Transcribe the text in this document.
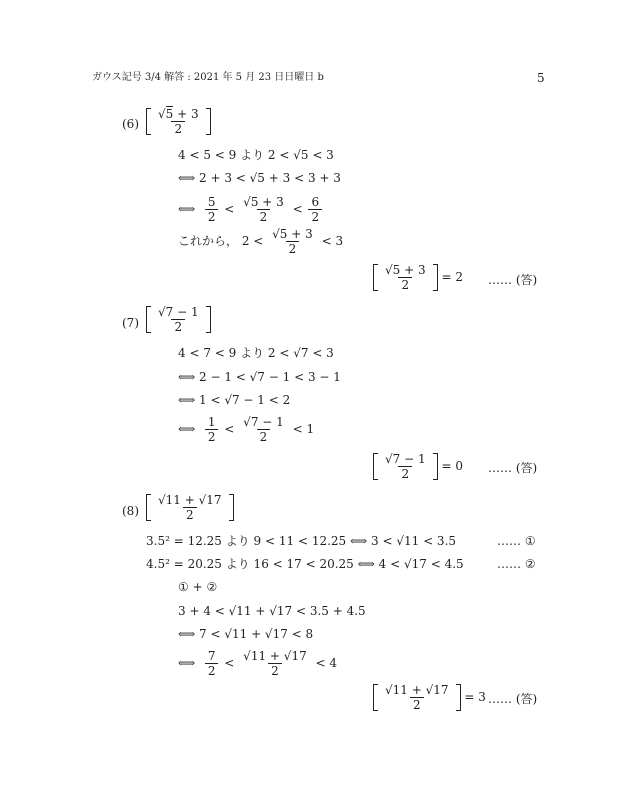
ガウス記号 3/4 解答 : 2021 年 5 月 23 日日曜日 b	5
$(6) \frac{√5 + 3}{2}$
4 < 5 < 9 より 2 < √5 < 3
⟺ 2 + 3 < √5 + 3 < 3 + 3
⟺ $\frac{5}{2} < \frac{√5 + 3}{2} < \frac{6}{2}$
これから， $2 < \frac{√5 + 3}{2} < 3$
$\frac{√5 + 3}{2} = 2$ …… (答)
$(7) \frac{√7 - 1}{2}$
4 < 7 < 9 より 2 < √7 < 3
⟺ 2 − 1 < √7 − 1 < 3 − 1
⟺ 1 < √7 − 1 < 2
⟺ $\frac{1}{2} < \frac{√7 - 1}{2} < 1$
$\frac{√7 - 1}{2} = 0$ …… (答)
$(8) \frac{√11 + √17}{2}$
3.5² = 12.25 より 9 < 11 < 12.25 ⟺ 3 < √11 < 3.5	…… ①
4.5² = 20.25 より 16 < 17 < 20.25 ⟺ 4 < √17 < 4.5	…… ②
① + ②
3 + 4 < √11 + √17 < 3.5 + 4.5
⟺ 7 < √11 + √17 < 8
⟺ $\frac{7}{2} < \frac{√11 + √17}{2} < 4$
$\frac{√11 + √17}{2} = 3$ …… (答)
